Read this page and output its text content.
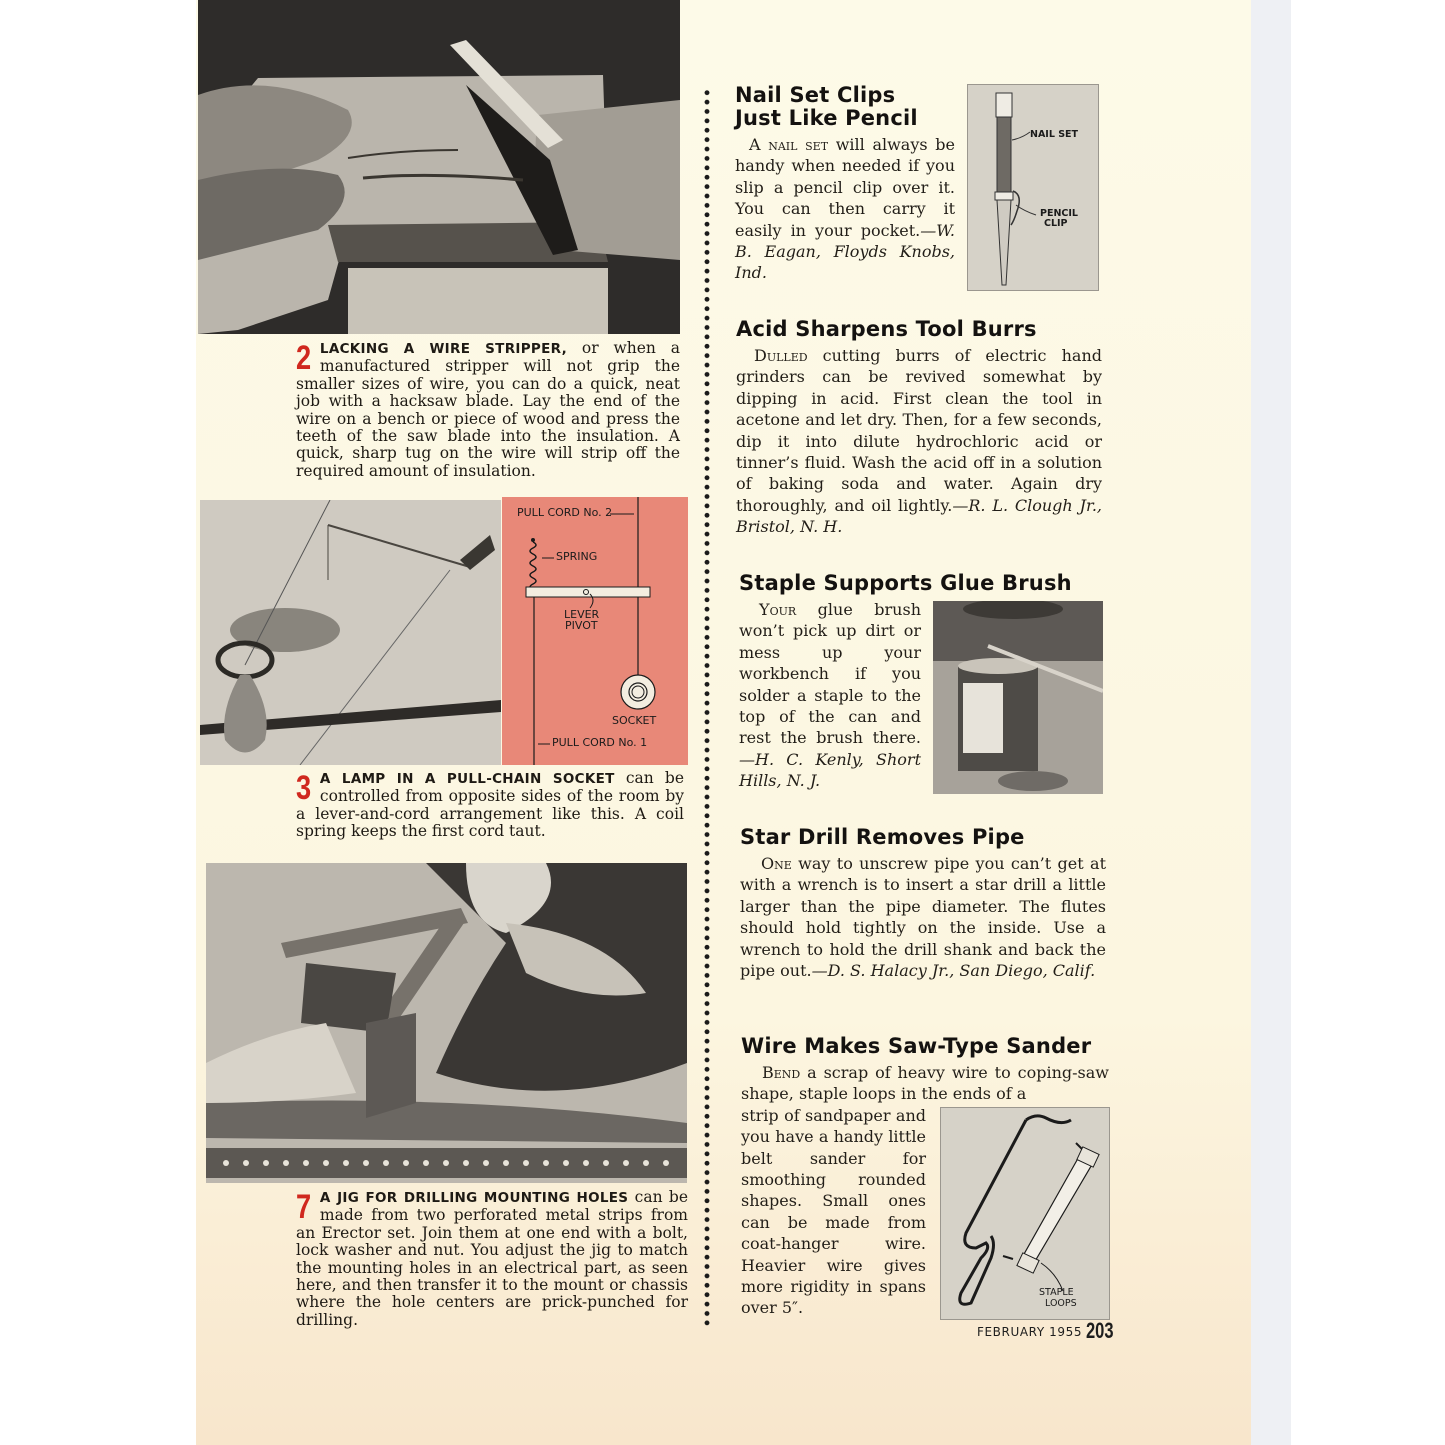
2 LACKING A WIRE STRIPPER, or when a manufactured stripper will not grip the smaller sizes of wire, you can do a quick, neat job with a hacksaw blade. Lay the end of the wire on a bench or piece of wood and press the teeth of the saw blade into the insulation. A quick, sharp tug on the wire will strip off the required amount of insulation.
PULL CORD No. 2
SPRING
LEVER
PIVOT
SOCKET
PULL CORD No. 1
3 A LAMP IN A PULL-CHAIN SOCKET can be controlled from opposite sides of the room by a lever-and-cord arrangement like this. A coil spring keeps the first cord taut.
7 A JIG FOR DRILLING MOUNTING HOLES can be made from two perforated metal strips from an Erector set. Join them at one end with a bolt, lock washer and nut. You adjust the jig to match the mounting holes in an electrical part, as seen here, and then transfer it to the mount or chassis where the hole centers are prick-punched for drilling.
Nail Set Clips
Just Like Pencil
A nail set will always be handy when needed if you slip a pencil clip over it. You can then carry it easily in your pocket.—W. B. Eagan, Floyds Knobs, Ind.
NAIL SET
PENCIL
CLIP
Acid Sharpens Tool Burrs
Dulled cutting burrs of electric hand grinders can be revived somewhat by dipping in acid. First clean the tool in acetone and let dry. Then, for a few seconds, dip it into dilute hydrochloric acid or tinner’s fluid. Wash the acid off in a solution of baking soda and water. Again dry thoroughly, and oil lightly.—R. L. Clough Jr., Bristol, N. H.
Staple Supports Glue Brush
Your glue brush won’t pick up dirt or mess up your workbench if you solder a staple to the top of the can and rest the brush there.—H. C. Kenly, Short Hills, N. J.
Star Drill Removes Pipe
One way to unscrew pipe you can’t get at with a wrench is to insert a star drill a little larger than the pipe diameter. The flutes should hold tightly on the inside. Use a wrench to hold the drill shank and back the pipe out.—D. S. Halacy Jr., San Diego, Calif.
Wire Makes Saw-Type Sander
Bend a scrap of heavy wire to coping-saw shape, staple loops in the ends of a
strip of sandpaper and you have a handy little belt sander for smoothing rounded shapes. Small ones can be made from coat-hanger wire. Heavier wire gives more rigidity in spans over 5″.
STAPLE
LOOPS
FEBRUARY 1955 203
